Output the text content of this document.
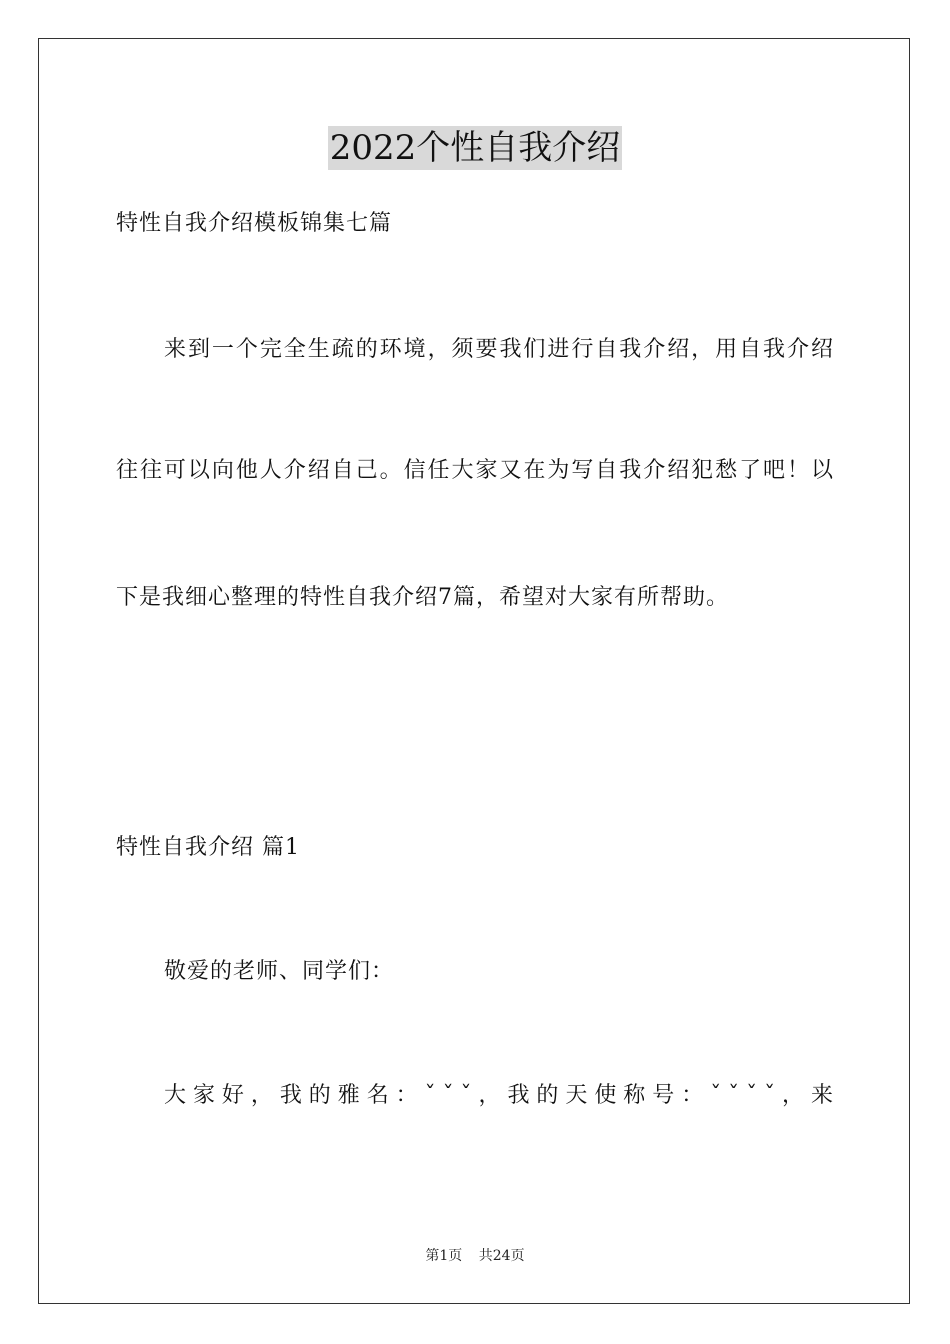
2022个性自我介绍
特性自我介绍模板锦集七篇
来到一个完全生疏的环境，须要我们进行自我介绍，用自我介绍
往往可以向他人介绍自己。信任大家又在为写自我介绍犯愁了吧！以
下是我细心整理的特性自我介绍7篇，希望对大家有所帮助。
特性自我介绍 篇1
敬爱的老师、同学们：
大家好，我的雅名：ˇˇˇ，我的天使称号：ˇˇˇˇ，来
第1页 共24页
